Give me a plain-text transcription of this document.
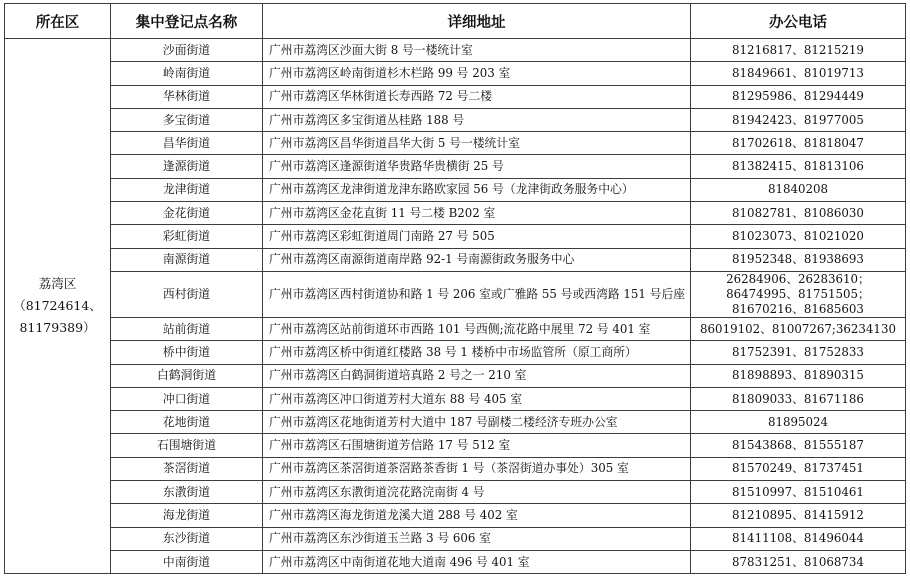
所在区	集中登记点名称	详细地址	办公电话

荔湾区
（81724614、
81179389）	沙面街道	广州市荔湾区沙面大街 8 号一楼统计室	81216817、81215219
	岭南街道	广州市荔湾区岭南街道杉木栏路 99 号 203 室	81849661、81019713
	华林街道	广州市荔湾区华林街道长寿西路 72 号二楼	81295986、81294449
	多宝街道	广州市荔湾区多宝街道丛桂路 188 号	81942423、81977005
	昌华街道	广州市荔湾区昌华街道昌华大街 5 号一楼统计室	81702618、81818047
	逢源街道	广州市荔湾区逢源街道华贵路华贵横街 25 号	81382415、81813106
	龙津街道	广州市荔湾区龙津街道龙津东路欧家园 56 号（龙津街政务服务中心）	81840208
	金花街道	广州市荔湾区金花直街 11 号二楼 B202 室	81082781、81086030
	彩虹街道	广州市荔湾区彩虹街道周门南路 27 号 505	81023073、81021020
	南源街道	广州市荔湾区南源街道南岸路 92-1 号南源街政务服务中心	81952348、81938693
	西村街道	广州市荔湾区西村街道协和路 1 号 206 室或广雅路 55 号或西湾路 151 号后座	26284906、26283610；86474995、81751505；81670216、81685603
	站前街道	广州市荔湾区站前街道环市西路 101 号西侧;流花路中展里 72 号 401 室	86019102、81007267;36234130
	桥中街道	广州市荔湾区桥中街道红楼路 38 号 1 楼桥中市场监管所（原工商所）	81752391、81752833
	白鹤洞街道	广州市荔湾区白鹤洞街道培真路 2 号之一 210 室	81898893、81890315
	冲口街道	广州市荔湾区冲口街道芳村大道东 88 号 405 室	81809033、81671186
	花地街道	广州市荔湾区花地街道芳村大道中 187 号副楼二楼经济专班办公室	81895024
	石围塘街道	广州市荔湾区石围塘街道芳信路 17 号 512 室	81543868、81555187
	茶滘街道	广州市荔湾区茶滘街道茶滘路茶香街 1 号（茶滘街道办事处）305 室	81570249、81737451
	东漖街道	广州市荔湾区东漖街道浣花路浣南街 4 号	81510997、81510461
	海龙街道	广州市荔湾区海龙街道龙溪大道 288 号 402 室	81210895、81415912
	东沙街道	广州市荔湾区东沙街道玉兰路 3 号 606 室	81411108、81496044
	中南街道	广州市荔湾区中南街道花地大道南 496 号 401 室	87831251、81068734
